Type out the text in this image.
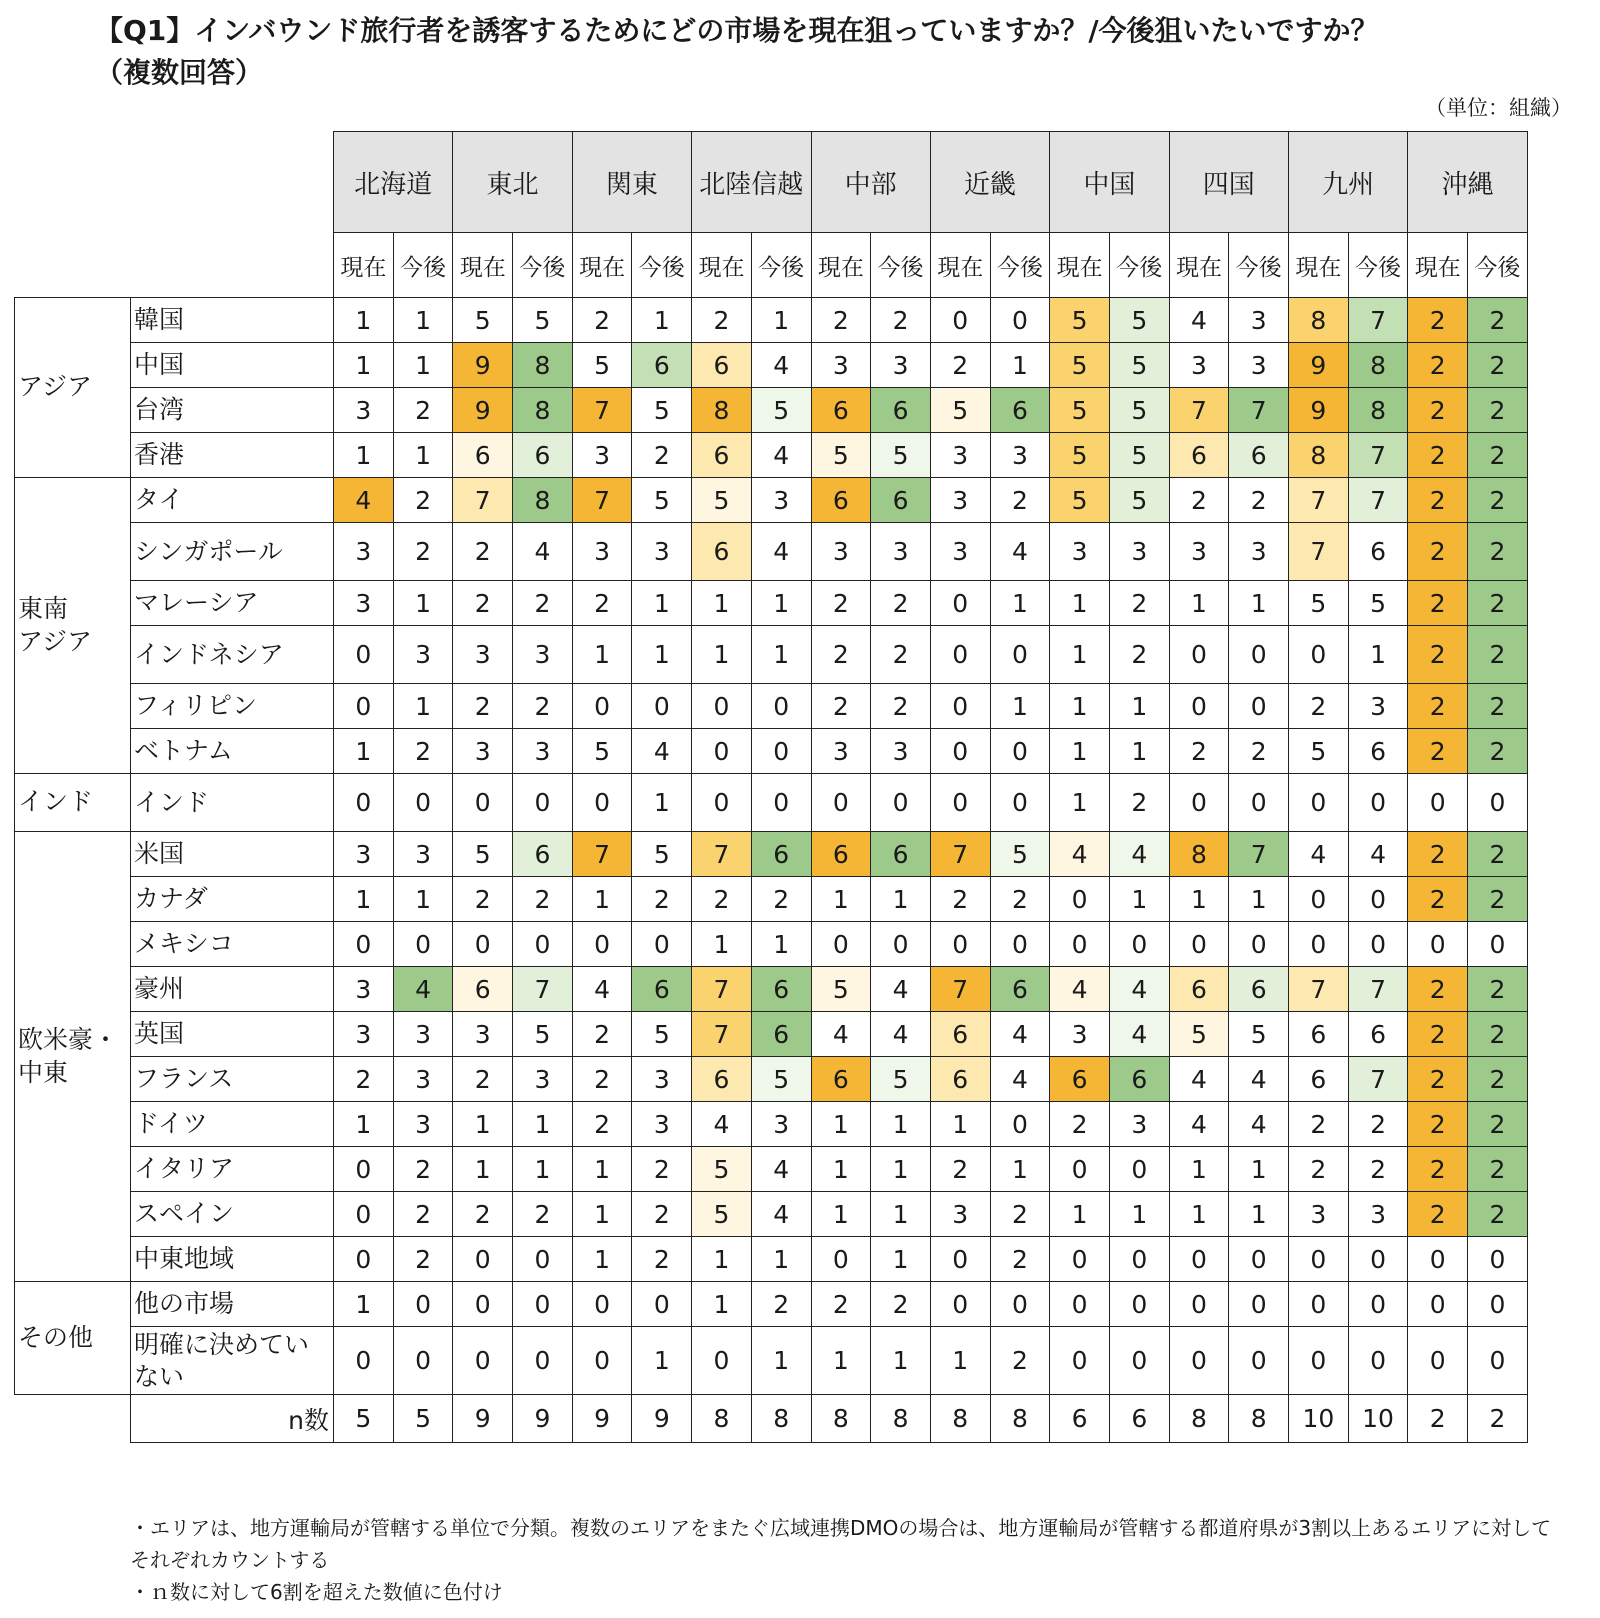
【Q1】インバウンド旅行者を誘客するためにどの市場を現在狙っていますか？/今後狙いたいですか？
（複数回答）
（単位：組織）
		北海道		東北		関東		北陸信越		中部		近畿		中国		四国		九州		沖縄	
		現在	今後	現在	今後	現在	今後	現在	今後	現在	今後	現在	今後	現在	今後	現在	今後	現在	今後	現在	今後
アジア	韓国	1	1	5	5	2	1	2	1	2	2	0	0	5	5	4	3	8	7	2	2
	中国	1	1	9	8	5	6	6	4	3	3	2	1	5	5	3	3	9	8	2	2
	台湾	3	2	9	8	7	5	8	5	6	6	5	6	5	5	7	7	9	8	2	2
	香港	1	1	6	6	3	2	6	4	5	5	3	3	5	5	6	6	8	7	2	2
東南
アジア	タイ	4	2	7	8	7	5	5	3	6	6	3	2	5	5	2	2	7	7	2	2
	シンガポール	3	2	2	4	3	3	6	4	3	3	3	4	3	3	3	3	7	6	2	2
	マレーシア	3	1	2	2	2	1	1	1	2	2	0	1	1	2	1	1	5	5	2	2
	インドネシア	0	3	3	3	1	1	1	1	2	2	0	0	1	2	0	0	0	1	2	2
	フィリピン	0	1	2	2	0	0	0	0	2	2	0	1	1	1	0	0	2	3	2	2
	ベトナム	1	2	3	3	5	4	0	0	3	3	0	0	1	1	2	2	5	6	2	2
インド	インド	0	0	0	0	0	1	0	0	0	0	0	0	1	2	0	0	0	0	0	0
欧米豪・
中東	米国	3	3	5	6	7	5	7	6	6	6	7	5	4	4	8	7	4	4	2	2
	カナダ	1	1	2	2	1	2	2	2	1	1	2	2	0	1	1	1	0	0	2	2
	メキシコ	0	0	0	0	0	0	1	1	0	0	0	0	0	0	0	0	0	0	0	0
	豪州	3	4	6	7	4	6	7	6	5	4	7	6	4	4	6	6	7	7	2	2
	英国	3	3	3	5	2	5	7	6	4	4	6	4	3	4	5	5	6	6	2	2
	フランス	2	3	2	3	2	3	6	5	6	5	6	4	6	6	4	4	6	7	2	2
	ドイツ	1	3	1	1	2	3	4	3	1	1	1	0	2	3	4	4	2	2	2	2
	イタリア	0	2	1	1	1	2	5	4	1	1	2	1	0	0	1	1	2	2	2	2
	スペイン	0	2	2	2	1	2	5	4	1	1	3	2	1	1	1	1	3	3	2	2
	中東地域	0	2	0	0	1	2	1	1	0	1	0	2	0	0	0	0	0	0	0	0
その他	他の市場	1	0	0	0	0	0	1	2	2	2	0	0	0	0	0	0	0	0	0	0
	明確に決めていない	0	0	0	0	0	1	0	1	1	1	1	2	0	0	0	0	0	0	0	0
	n数	5	5	9	9	9	9	8	8	8	8	8	8	6	6	8	8	10	10	2	2

・エリアは、地方運輸局が管轄する単位で分類。複数のエリアをまたぐ広域連携DMOの場合は、地方運輸局が管轄する都道府県が3割以上あるエリアに対してそれぞれカウントする

・ｎ数に対して6割を超えた数値に色付け
